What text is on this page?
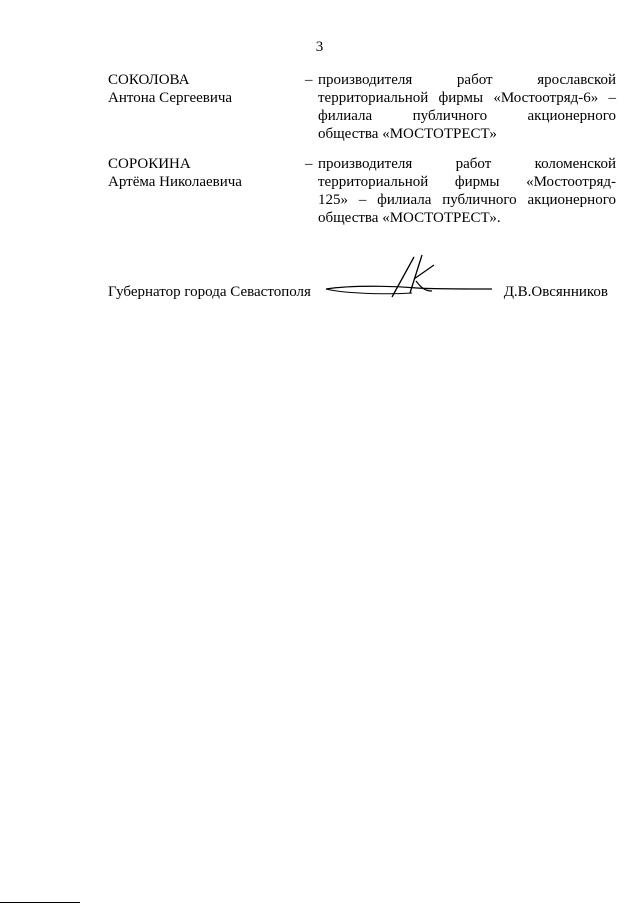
3
СОКОЛОВА
Антона Сергеевича
– производителя работ ярославской
территориальной фирмы «Мостоотряд-6» –
филиала публичного акционерного
общества «МОСТОТРЕСТ»
СОРОКИНА
Артёма Николаевича
– производителя работ коломенской
территориальной фирмы «Мостоотряд-
125» – филиала публичного акционерного
общества «МОСТОТРЕСТ».
Губернатор города Севастополя	Д.В.Овсянников
